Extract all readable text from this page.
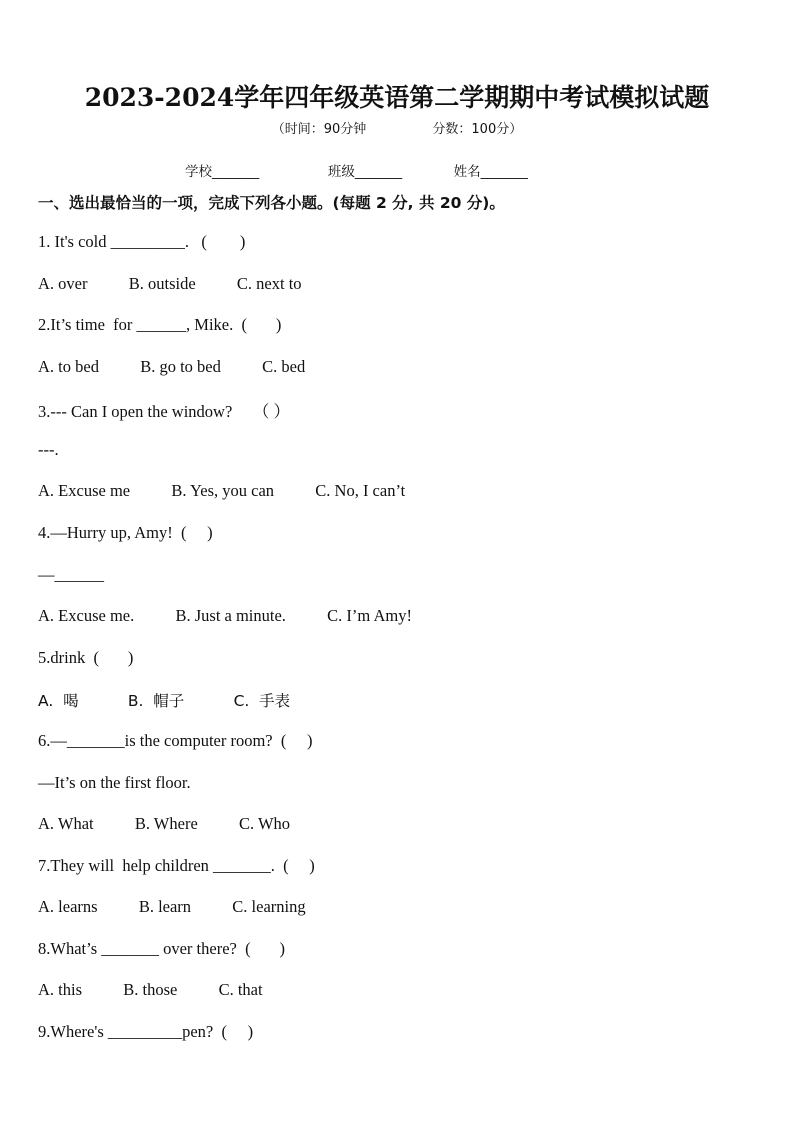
2023-2024学年四年级英语第二学期期中考试模拟试题
（时间：90分钟                分数：100分）
学校_______                班级_______            姓名_______
一、选出最恰当的一项，完成下列各小题。(每题 2 分, 共 20 分)。
1. It's cold _________.   (        )
A. over          B. outside          C. next to
2.It’s time  for ______, Mike.  (       )
A. to bed          B. go to bed          C. bed
3.--- Can I open the window?     （ ）
---.
A. Excuse me          B. Yes, you can          C. No, I can’t
4.—Hurry up, Amy!  (     )
—______
A. Excuse me.          B. Just a minute.          C. I’m Amy!
5.drink  (       )
A.  喝          B.  帽子          C.  手表
6.—_______is the computer room?  (     )
—It’s on the first floor.
A. What          B. Where          C. Who
7.They will  help children _______.  (     )
A. learns          B. learn          C. learning
8.What’s _______ over there?  (       )
A. this          B. those          C. that
9.Where's _________pen?  (     )
